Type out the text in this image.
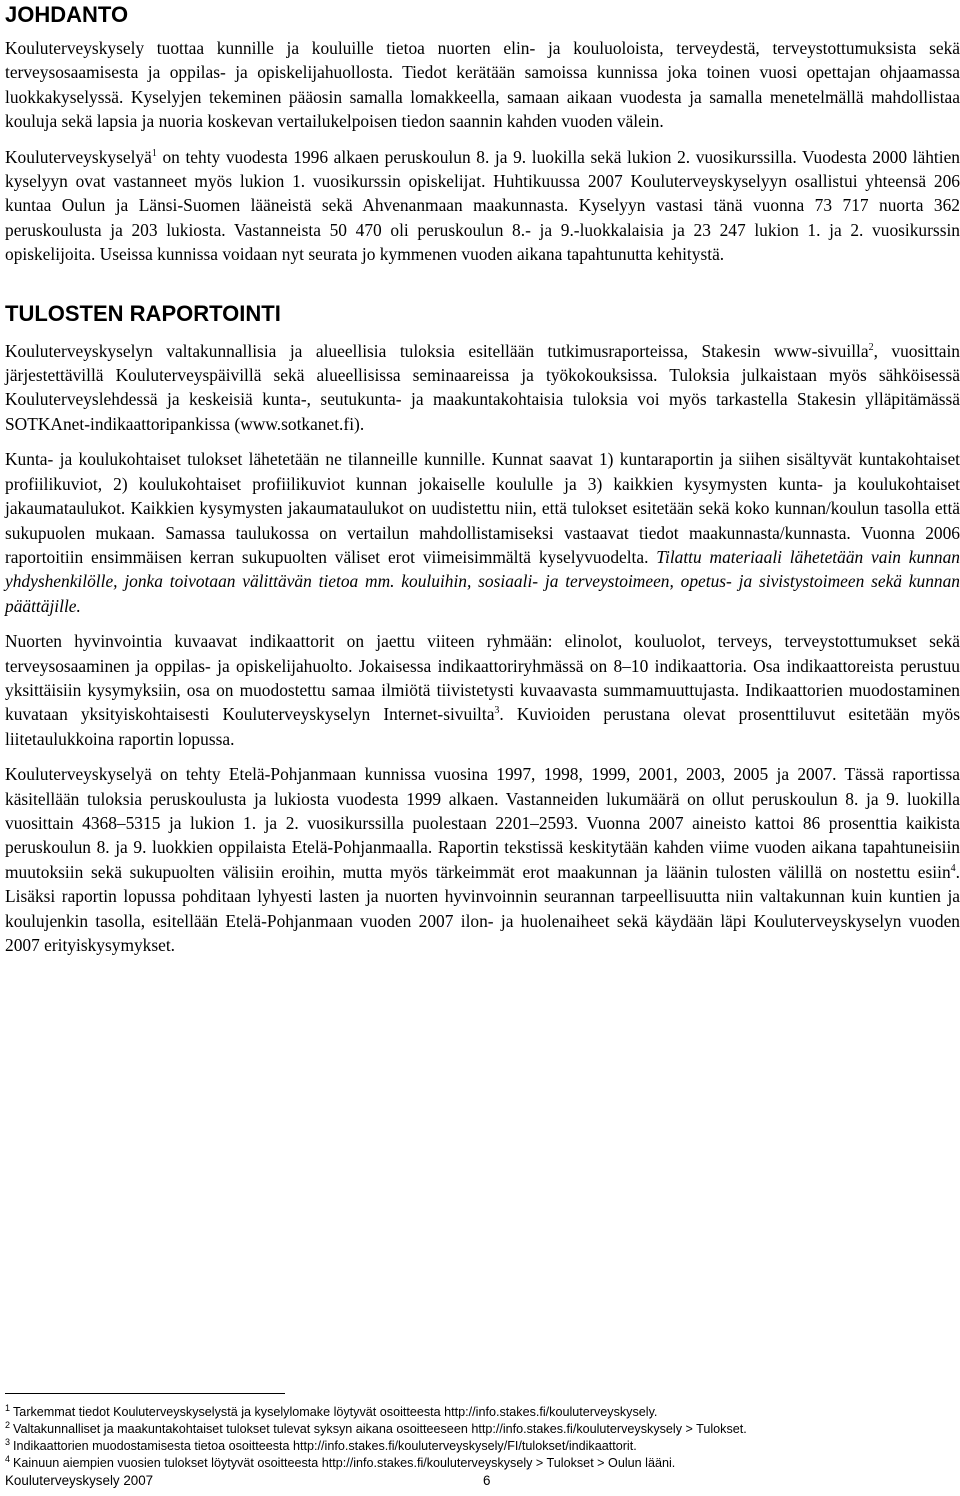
JOHDANTO

Kouluterveyskysely tuottaa kunnille ja kouluille tietoa nuorten elin- ja kouluoloista, terveydestä, terveystottumuksista sekä terveysosaamisesta ja oppilas- ja opiskelijahuollosta. Tiedot kerätään samoissa kunnissa joka toinen vuosi opettajan ohjaamassa luokkakyselyssä. Kyselyjen tekeminen pääosin samalla lomakkeella, samaan aikaan vuodesta ja samalla menetelmällä mahdollistaa kouluja sekä lapsia ja nuoria koskevan vertailukelpoisen tiedon saannin kahden vuoden välein.

Kouluterveyskyselyä$^1$ on tehty vuodesta 1996 alkaen peruskoulun 8. ja 9. luokilla sekä lukion 2. vuosikurssilla. Vuodesta 2000 lähtien kyselyyn ovat vastanneet myös lukion 1. vuosikurssin opiskelijat. Huhtikuussa 2007 Kouluterveyskyselyyn osallistui yhteensä 206 kuntaa Oulun ja Länsi-Suomen lääneistä sekä Ahvenanmaan maakunnasta. Kyselyyn vastasi tänä vuonna 73 717 nuorta 362 peruskoulusta ja 203 lukiosta. Vastanneista 50 470 oli peruskoulun 8.- ja 9.-luokkalaisia ja 23 247 lukion 1. ja 2. vuosikurssin opiskelijoita. Useissa kunnissa voidaan nyt seurata jo kymmenen vuoden aikana tapahtunutta kehitystä.

TULOSTEN RAPORTOINTI

Kouluterveyskyselyn valtakunnallisia ja alueellisia tuloksia esitellään tutkimusraporteissa, Stakesin www-sivuilla$^2$, vuosittain järjestettävillä Kouluterveyspäivillä sekä alueellisissa seminaareissa ja työkokouksissa. Tuloksia julkaistaan myös sähköisessä Kouluterveyslehdessä ja keskeisiä kunta-, seutukunta- ja maakuntakohtaisia tuloksia voi myös tarkastella Stakesin ylläpitämässä SOTKAnet-indikaattoripankissa (www.sotkanet.fi).

Kunta- ja koulukohtaiset tulokset lähetetään ne tilanneille kunnille. Kunnat saavat 1) kuntaraportin ja siihen sisältyvät kuntakohtaiset profiilikuviot, 2) koulukohtaiset profiilikuviot kunnan jokaiselle koululle ja 3) kaikkien kysymysten kunta- ja koulukohtaiset jakaumataulukot. Kaikkien kysymysten jakaumataulukot on uudistettu niin, että tulokset esitetään sekä koko kunnan/koulun tasolla että sukupuolen mukaan. Samassa taulukossa on vertailun mahdollistamiseksi vastaavat tiedot maakunnasta/kunnasta. Vuonna 2006 raportoitiin ensimmäisen kerran sukupuolten väliset erot viimeisimmältä kyselyvuodelta. Tilattu materiaali lähetetään vain kunnan yhdyshenkilölle, jonka toivotaan välittävän tietoa mm. kouluihin, sosiaali- ja terveystoimeen, opetus- ja sivistystoimeen sekä kunnan päättäjille.

Nuorten hyvinvointia kuvaavat indikaattorit on jaettu viiteen ryhmään: elinolot, kouluolot, terveys, terveystottumukset sekä terveysosaaminen ja oppilas- ja opiskelijahuolto. Jokaisessa indikaattoriryhmässä on 8–10 indikaattoria. Osa indikaattoreista perustuu yksittäisiin kysymyksiin, osa on muodostettu samaa ilmiötä tiivistetysti kuvaavasta summamuuttujasta. Indikaattorien muodostaminen kuvataan yksityiskohtaisesti Kouluterveyskyselyn Internet-sivuilta$^3$. Kuvioiden perustana olevat prosenttiluvut esitetään myös liitetaulukkoina raportin lopussa.

Kouluterveyskyselyä on tehty Etelä-Pohjanmaan kunnissa vuosina 1997, 1998, 1999, 2001, 2003, 2005 ja 2007. Tässä raportissa käsitellään tuloksia peruskoulusta ja lukiosta vuodesta 1999 alkaen. Vastanneiden lukumäärä on ollut peruskoulun 8. ja 9. luokilla vuosittain 4368–5315 ja lukion 1. ja 2. vuosikurssilla puolestaan 2201–2593. Vuonna 2007 aineisto kattoi 86 prosenttia kaikista peruskoulun 8. ja 9. luokkien oppilaista Etelä-Pohjanmaalla. Raportin tekstissä keskitytään kahden viime vuoden aikana tapahtuneisiin muutoksiin sekä sukupuolten välisiin eroihin, mutta myös tärkeimmät erot maakunnan ja läänin tulosten välillä on nostettu esiin$^4$. Lisäksi raportin lopussa pohditaan lyhyesti lasten ja nuorten hyvinvoinnin seurannan tarpeellisuutta niin valtakunnan kuin kuntien ja koulujenkin tasolla, esitellään Etelä-Pohjanmaan vuoden 2007 ilon- ja huolenaiheet sekä käydään läpi Kouluterveyskyselyn vuoden 2007 erityiskysymykset.

$^1$ Tarkemmat tiedot Kouluterveyskyselystä ja kyselylomake löytyvät osoitteesta http://info.stakes.fi/kouluterveyskysely.
$^2$ Valtakunnalliset ja maakuntakohtaiset tulokset tulevat syksyn aikana osoitteeseen http://info.stakes.fi/kouluterveyskysely > Tulokset.
$^3$ Indikaattorien muodostamisesta tietoa osoitteesta http://info.stakes.fi/kouluterveyskysely/FI/tulokset/indikaattorit.
$^4$ Kainuun aiempien vuosien tulokset löytyvät osoitteesta http://info.stakes.fi/kouluterveyskysely > Tulokset > Oulun lääni.
Kouluterveyskysely 2007	6
